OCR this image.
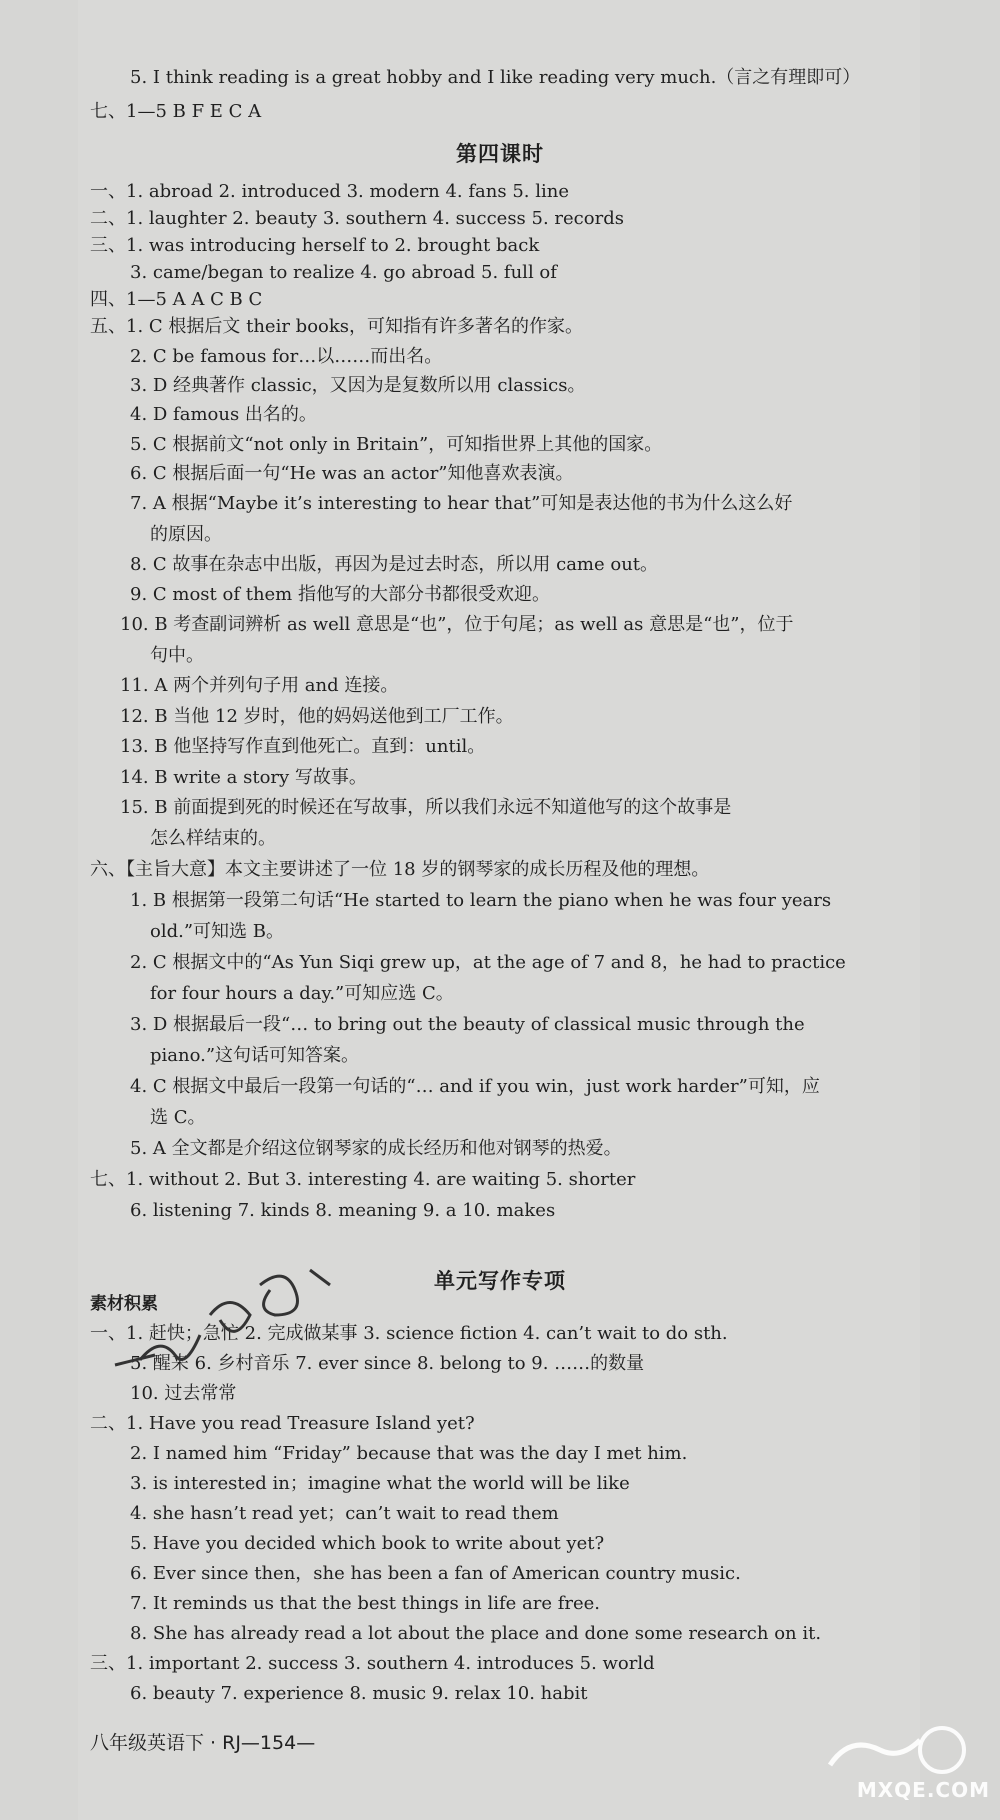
5. I think reading is a great hobby and I like reading very much.（言之有理即可）
七、1—5 B F E C A
一、1. abroad 2. introduced 3. modern 4. fans 5. line
二、1. laughter 2. beauty 3. southern 4. success 5. records
三、1. was introducing herself to 2. brought back
3. came/began to realize 4. go abroad 5. full of
四、1—5 A A C B C
五、1. C 根据后文 their books，可知指有许多著名的作家。
2. C be famous for…以……而出名。
3. D 经典著作 classic，又因为是复数所以用 classics。
4. D famous 出名的。
5. C 根据前文“not only in Britain”，可知指世界上其他的国家。
6. C 根据后面一句“He was an actor”知他喜欢表演。
7. A 根据“Maybe it’s interesting to hear that”可知是表达他的书为什么这么好
的原因。
8. C 故事在杂志中出版，再因为是过去时态，所以用 came out。
9. C most of them 指他写的大部分书都很受欢迎。
10. B 考查副词辨析 as well 意思是“也”，位于句尾；as well as 意思是“也”，位于
句中。
11. A 两个并列句子用 and 连接。
12. B 当他 12 岁时，他的妈妈送他到工厂工作。
13. B 他坚持写作直到他死亡。直到：until。
14. B write a story 写故事。
15. B 前面提到死的时候还在写故事，所以我们永远不知道他写的这个故事是
怎么样结束的。
六、【主旨大意】本文主要讲述了一位 18 岁的钢琴家的成长历程及他的理想。
1. B 根据第一段第二句话“He started to learn the piano when he was four years
old.”可知选 B。
2. C 根据文中的“As Yun Siqi grew up，at the age of 7 and 8，he had to practice
for four hours a day.”可知应选 C。
3. D 根据最后一段“… to bring out the beauty of classical music through the
piano.”这句话可知答案。
4. C 根据文中最后一段第一句话的“… and if you win，just work harder”可知，应
选 C。
5. A 全文都是介绍这位钢琴家的成长经历和他对钢琴的热爱。
七、1. without 2. But 3. interesting 4. are waiting 5. shorter
6. listening 7. kinds 8. meaning 9. a 10. makes
素材积累
一、1. 赶快；急忙 2. 完成做某事 3. science fiction 4. can’t wait to do sth.
5. 醒来 6. 乡村音乐 7. ever since 8. belong to 9. ……的数量
10. 过去常常
二、1. Have you read Treasure Island yet?
2. I named him “Friday” because that was the day I met him.
3. is interested in；imagine what the world will be like
4. she hasn’t read yet；can’t wait to read them
5. Have you decided which book to write about yet?
6. Ever since then，she has been a fan of American country music.
7. It reminds us that the best things in life are free.
8. She has already read a lot about the place and done some research on it.
三、1. important 2. success 3. southern 4. introduces 5. world
6. beauty 7. experience 8. music 9. relax 10. habit
八年级英语下 · RJ—154—
第四课时
单元写作专项
MXQE.COM
